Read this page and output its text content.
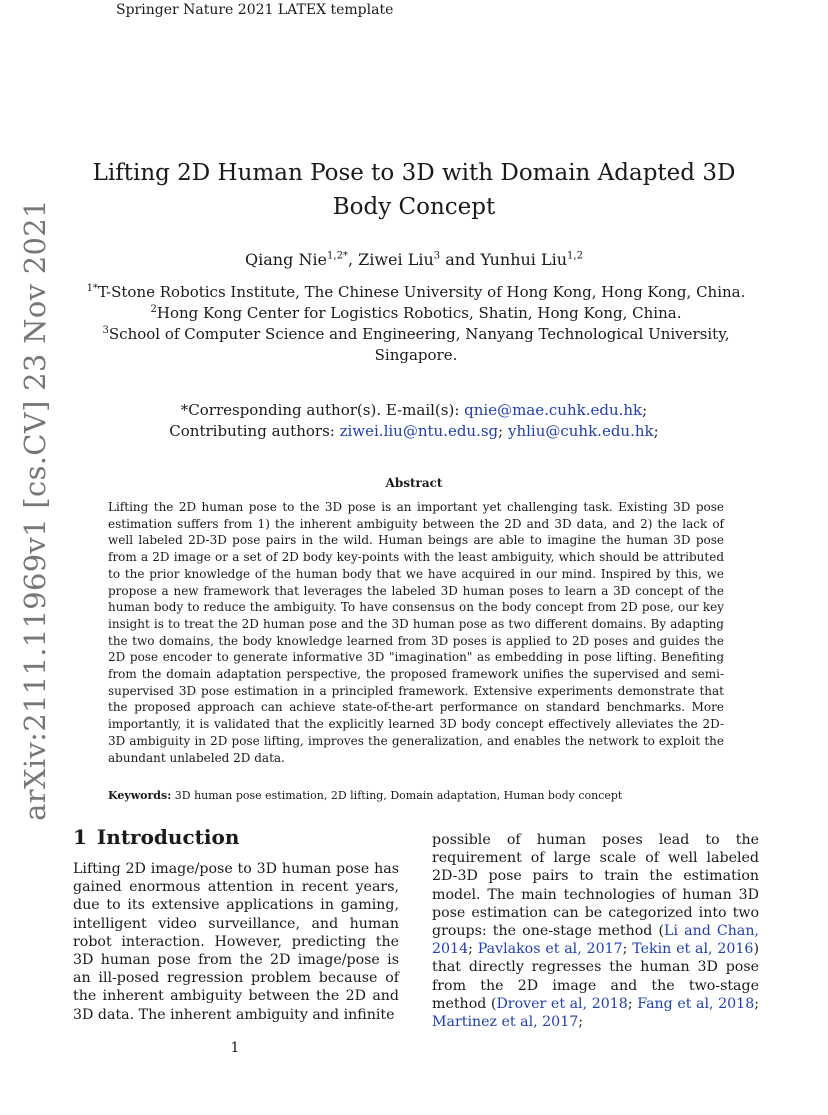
Springer Nature 2021 LATEX template
arXiv:2111.11969v1 [cs.CV] 23 Nov 2021
Lifting 2D Human Pose to 3D with Domain Adapted 3D
Body Concept
Qiang Nie$^{1,2*}$, Ziwei Liu$^3$ and Yunhui Liu$^{1,2}$
$^{1*}$T-Stone Robotics Institute, The Chinese University of Hong Kong, Hong Kong, China.
$^2$Hong Kong Center for Logistics Robotics, Shatin, Hong Kong, China.
$^3$School of Computer Science and Engineering, Nanyang Technological University, Singapore.
*Corresponding author(s). E-mail(s): qnie@mae.cuhk.edu.hk;
Contributing authors: ziwei.liu@ntu.edu.sg; yhliu@cuhk.edu.hk;
Abstract
Lifting the 2D human pose to the 3D pose is an important yet challenging task. Existing 3D pose estimation suffers from 1) the inherent ambiguity between the 2D and 3D data, and 2) the lack of well labeled 2D-3D pose pairs in the wild. Human beings are able to imagine the human 3D pose from a 2D image or a set of 2D body key-points with the least ambiguity, which should be attributed to the prior knowledge of the human body that we have acquired in our mind. Inspired by this, we propose a new framework that leverages the labeled 3D human poses to learn a 3D concept of the human body to reduce the ambiguity. To have consensus on the body concept from 2D pose, our key insight is to treat the 2D human pose and the 3D human pose as two different domains. By adapting the two domains, the body knowledge learned from 3D poses is applied to 2D poses and guides the 2D pose encoder to generate informative 3D "imagination" as embedding in pose lifting. Benefiting from the domain adaptation perspective, the proposed framework unifies the supervised and semi-supervised 3D pose estimation in a principled framework. Extensive experiments demonstrate that the proposed approach can achieve state-of-the-art performance on standard benchmarks. More importantly, it is validated that the explicitly learned 3D body concept effectively alleviates the 2D-3D ambiguity in 2D pose lifting, improves the generalization, and enables the network to exploit the abundant unlabeled 2D data.
Keywords: 3D human pose estimation, 2D lifting, Domain adaptation, Human body concept
1 Introduction
Lifting 2D image/pose to 3D human pose has gained enormous attention in recent years, due to its extensive applications in gaming, intelligent video surveillance, and human robot interaction. However, predicting the 3D human pose from the 2D image/pose is an ill-posed regression problem because of the inherent ambiguity between the 2D and 3D data. The inherent ambiguity and infinite
possible of human poses lead to the requirement of large scale of well labeled 2D-3D pose pairs to train the estimation model. The main technologies of human 3D pose estimation can be categorized into two groups: the one-stage method (Li and Chan, 2014; Pavlakos et al, 2017; Tekin et al, 2016) that directly regresses the human 3D pose from the 2D image and the two-stage method (Drover et al, 2018; Fang et al, 2018; Martinez et al, 2017;
1
